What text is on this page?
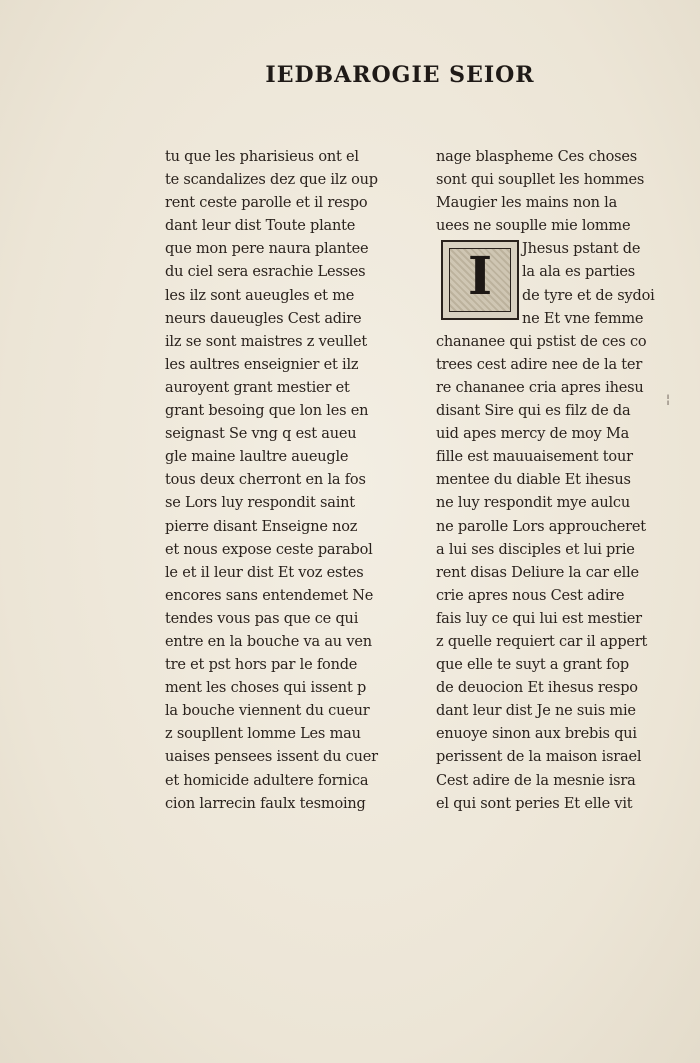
IEDBAROGIE SEIOR
tu que les pharisieus ont el
te scandalizes dez que ilz oup
rent ceste parolle et il respo
dant leur dist Toute plante
que mon pere naura plantee
du ciel sera esrachie Lesses
les ilz sont aueugles et me
neurs daueugles Cest adire
ilz se sont maistres z veullet
les aultres enseignier et ilz
auroyent grant mestier et
grant besoing que lon les en
seignast Se vng q est aueu
gle maine laultre aueugle
tous deux cherront en la fos
se Lors luy respondit saint
pierre disant Enseigne noz
et nous expose ceste parabol
le et il leur dist Et voz estes
encores sans entendemet Ne
tendes vous pas que ce qui
entre en la bouche va au ven
tre et pst hors par le fonde
ment les choses qui issent p
la bouche viennent du cueur
z soupllent lomme Les mau
uaises pensees issent du cuer
et homicide adultere fornica
cion larrecin faulx tesmoing
I
nage blaspheme Ces choses
sont qui soupllet les hommes
Maugier les mains non la
uees ne souplle mie lomme
Jhesus pstant de
la ala es parties
de tyre et de sydoi
ne Et vne femme
chananee qui pstist de ces co
trees cest adire nee de la ter
re chananee cria apres ihesu
disant Sire qui es filz de da
uid apes mercy de moy Ma
fille est mauuaisement tour
mentee du diable Et ihesus
ne luy respondit mye aulcu
ne parolle Lors approucheret
a lui ses disciples et lui prie
rent disas Deliure la car elle
crie apres nous Cest adire
fais luy ce qui lui est mestier
z quelle requiert car il appert
que elle te suyt a grant fop
de deuocion Et ihesus respo
dant leur dist Je ne suis mie
enuoye sinon aux brebis qui
perissent de la maison israel
Cest adire de la mesnie isra
el qui sont peries Et elle vit
¦
